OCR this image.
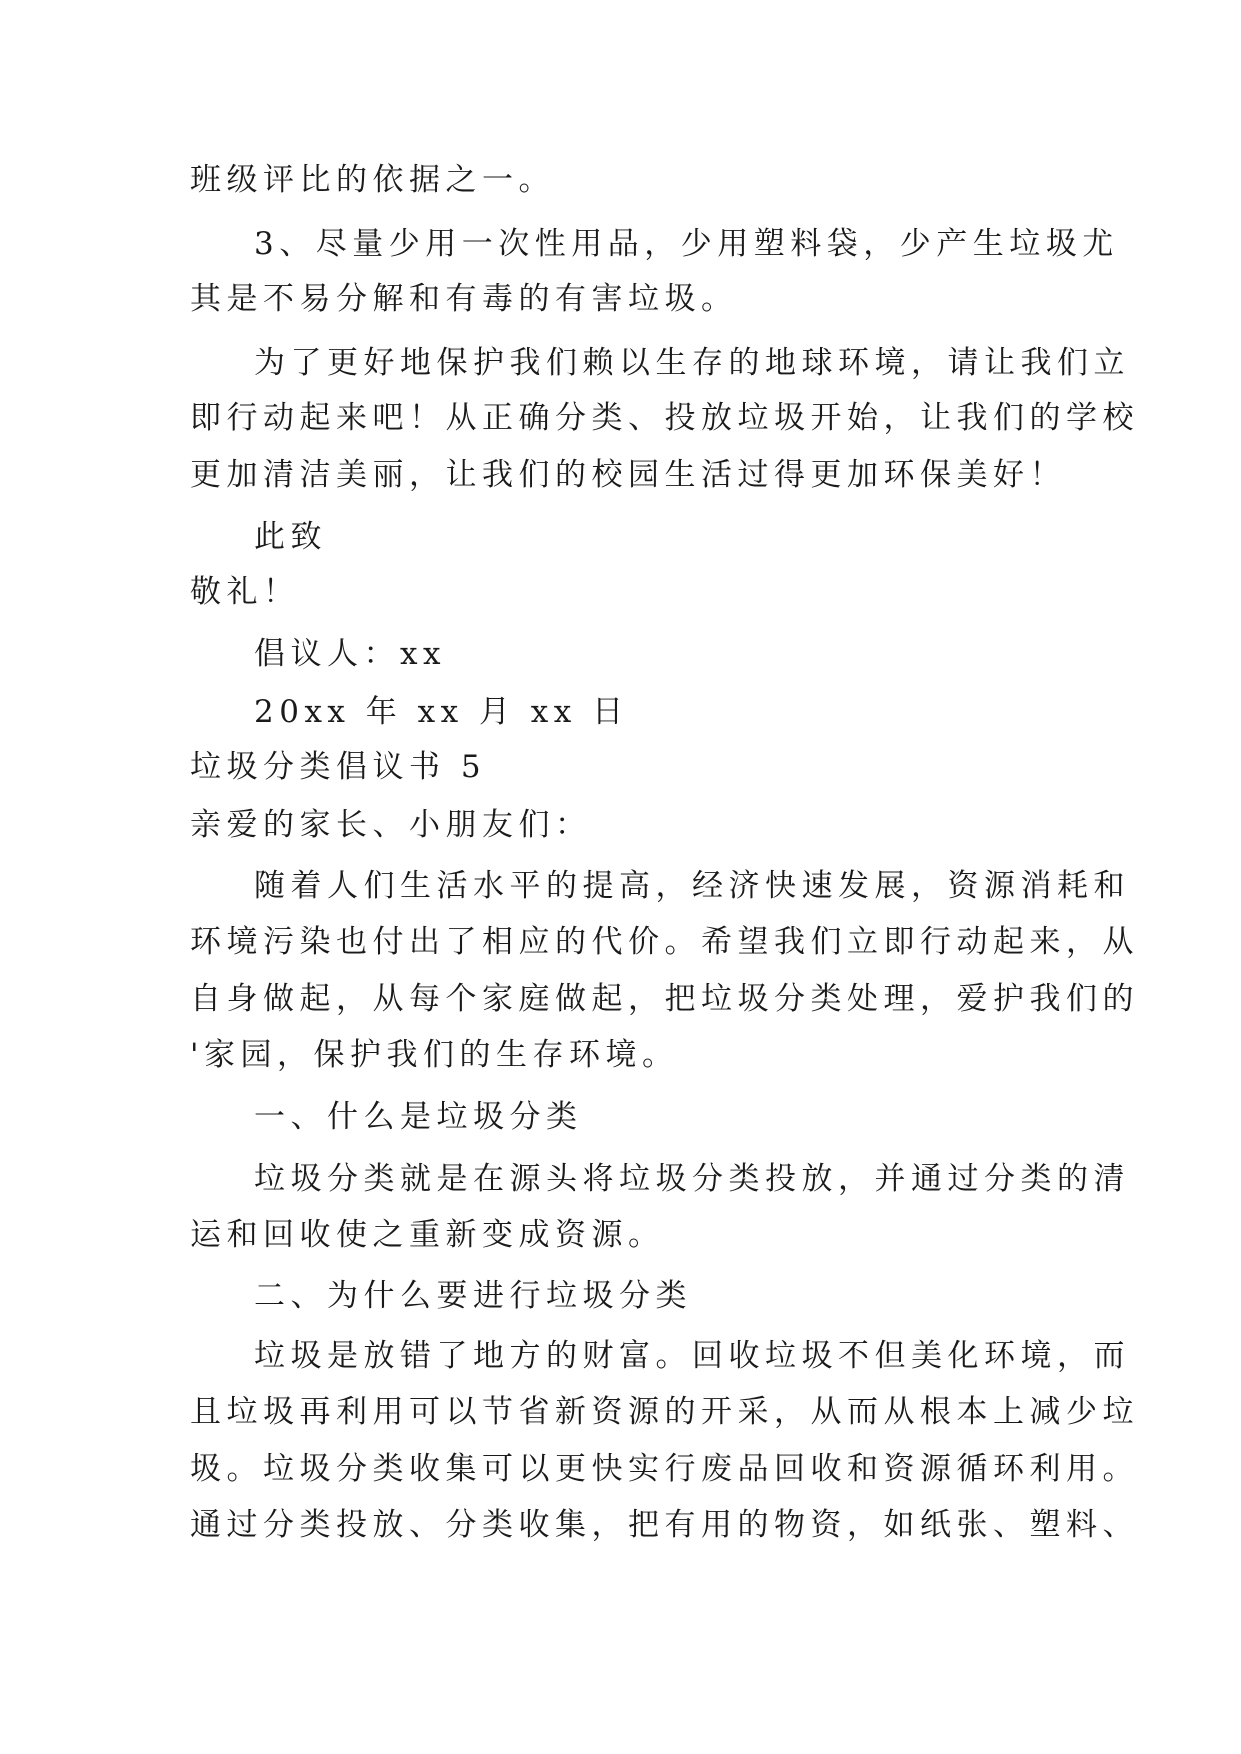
班级评比的依据之一。

3、尽量少用一次性用品，少用塑料袋，少产生垃圾尤

其是不易分解和有毒的有害垃圾。

为了更好地保护我们赖以生存的地球环境，请让我们立

即行动起来吧！从正确分类、投放垃圾开始，让我们的学校

更加清洁美丽，让我们的校园生活过得更加环保美好！

此致

敬礼！

倡议人：xx

20xx 年 xx 月 xx 日

垃圾分类倡议书 5

亲爱的家长、小朋友们：

随着人们生活水平的提高，经济快速发展，资源消耗和

环境污染也付出了相应的代价。希望我们立即行动起来，从

自身做起，从每个家庭做起，把垃圾分类处理，爱护我们的

'家园，保护我们的生存环境。

一、什么是垃圾分类

垃圾分类就是在源头将垃圾分类投放，并通过分类的清

运和回收使之重新变成资源。

二、为什么要进行垃圾分类

垃圾是放错了地方的财富。回收垃圾不但美化环境，而

且垃圾再利用可以节省新资源的开采，从而从根本上减少垃

圾。垃圾分类收集可以更快实行废品回收和资源循环利用。

通过分类投放、分类收集，把有用的物资，如纸张、塑料、
